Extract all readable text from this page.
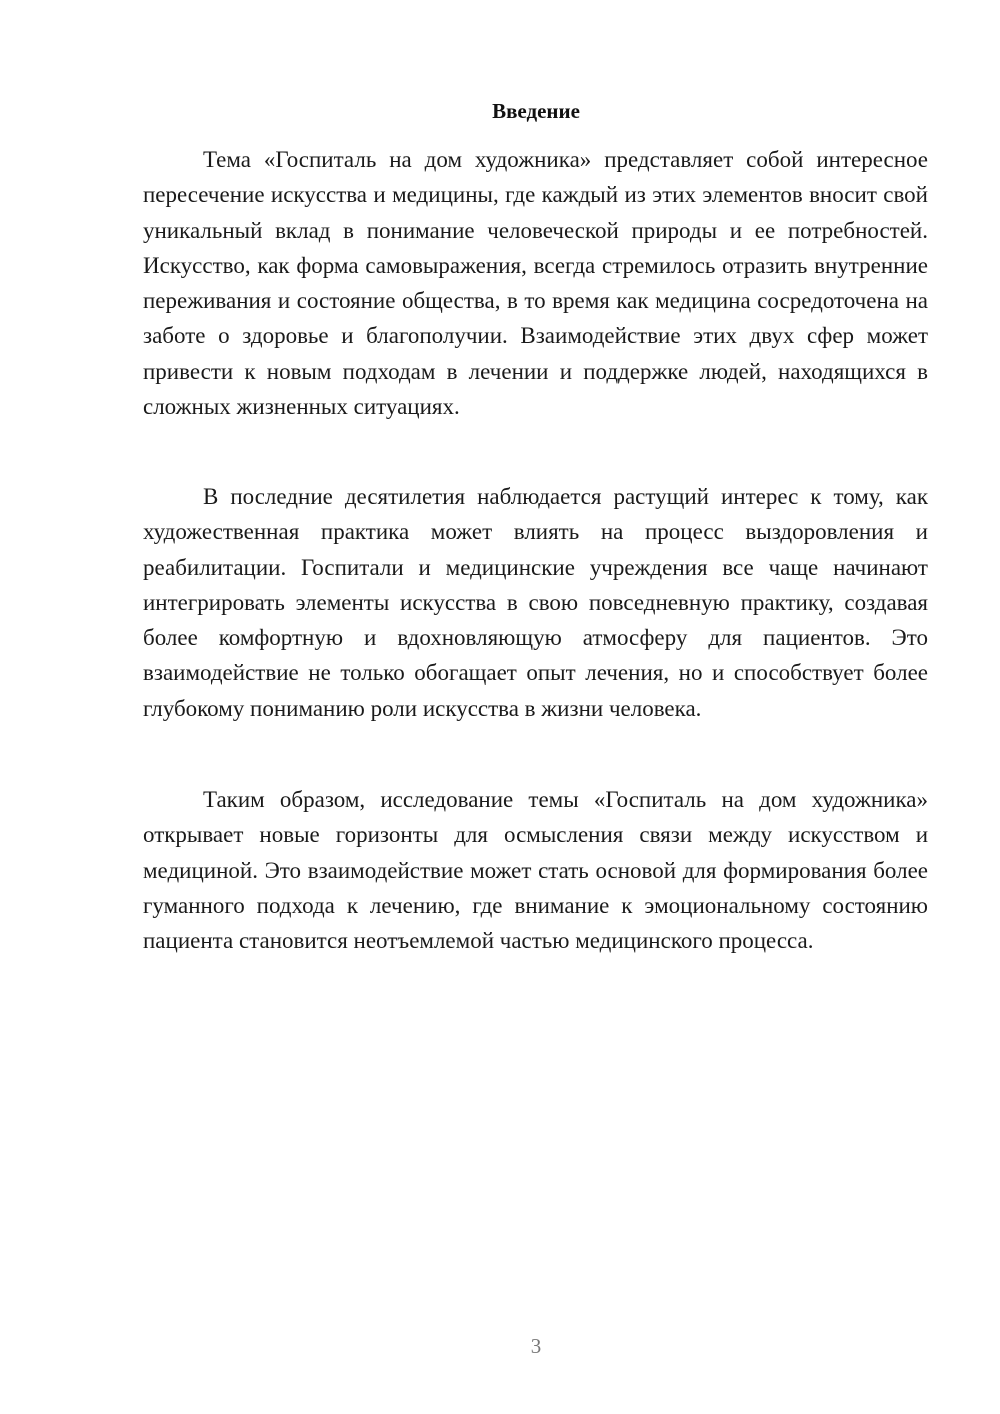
Введение

Тема «Госпиталь на дом художника» представляет собой интересное пересечение искусства и медицины, где каждый из этих элементов вносит свой уникальный вклад в понимание человеческой природы и ее потребностей. Искусство, как форма самовыражения, всегда стремилось отразить внутренние переживания и состояние общества, в то время как медицина сосредоточена на заботе о здоровье и благополучии. Взаимодействие этих двух сфер может привести к новым подходам в лечении и поддержке людей, находящихся в сложных жизненных ситуациях.

В последние десятилетия наблюдается растущий интерес к тому, как художественная практика может влиять на процесс выздоровления и реабилитации. Госпитали и медицинские учреждения все чаще начинают интегрировать элементы искусства в свою повседневную практику, создавая более комфортную и вдохновляющую атмосферу для пациентов. Это взаимодействие не только обогащает опыт лечения, но и способствует более глубокому пониманию роли искусства в жизни человека.

Таким образом, исследование темы «Госпиталь на дом художника» открывает новые горизонты для осмысления связи между искусством и медициной. Это взаимодействие может стать основой для формирования более гуманного подхода к лечению, где внимание к эмоциональному состоянию пациента становится неотъемлемой частью медицинского процесса.

3
